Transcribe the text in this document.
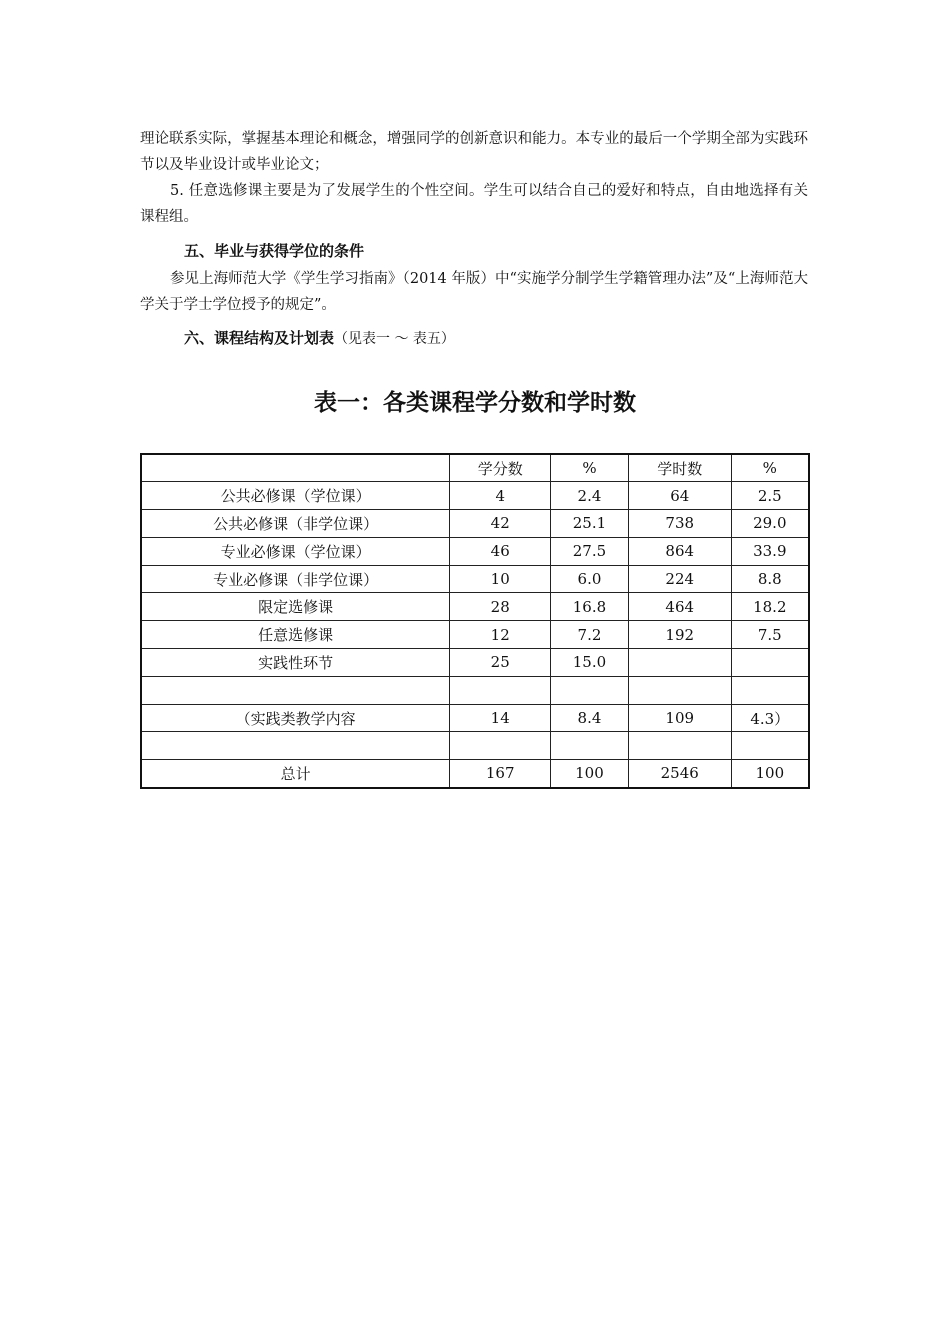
理论联系实际，掌握基本理论和概念，增强同学的创新意识和能力。本专业的最后一个学期全部为实践环节以及毕业设计或毕业论文；
5. 任意选修课主要是为了发展学生的个性空间。学生可以结合自己的爱好和特点，自由地选择有关课程组。
五、毕业与获得学位的条件
参见上海师范大学《学生学习指南》（2014 年版）中“实施学分制学生学籍管理办法”及“上海师范大学关于学士学位授予的规定”。
六、课程结构及计划表（见表一 ～ 表五）
表一：各类课程学分数和学时数
	学分数	%	学时数	%
公共必修课（学位课）	4	2.4	64	2.5
公共必修课（非学位课）	42	25.1	738	29.0
专业必修课（学位课）	46	27.5	864	33.9
专业必修课（非学位课）	10	6.0	224	8.8
限定选修课	28	16.8	464	18.2
任意选修课	12	7.2	192	7.5
实践性环节	25	15.0		

（实践类教学内容	14	8.4	109	4.3）

总计	167	100	2546	100
